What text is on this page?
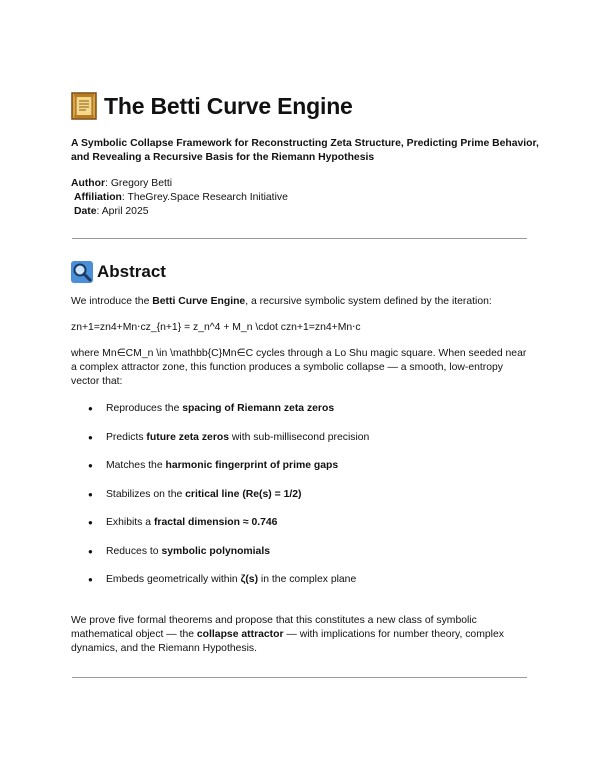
The Betti Curve Engine
A Symbolic Collapse Framework for Reconstructing Zeta Structure, Predicting Prime Behavior, and Revealing a Recursive Basis for the Riemann Hypothesis
Author: Gregory Betti
Affiliation: TheGrey.Space Research Initiative
Date: April 2025
Abstract
We introduce the Betti Curve Engine, a recursive symbolic system defined by the iteration:
zn+1=zn4+Mn⋅cz_{n+1} = z_n^4 + M_n \cdot czn+1​=zn4​+Mn​⋅c
where Mn∈CM_n \in \mathbb{C}Mn​∈C cycles through a Lo Shu magic square. When seeded near a complex attractor zone, this function produces a symbolic collapse — a smooth, low-entropy vector that:
● Reproduces the spacing of Riemann zeta zeros
● Predicts future zeta zeros with sub-millisecond precision
● Matches the harmonic fingerprint of prime gaps
● Stabilizes on the critical line (Re(s) = 1/2)
● Exhibits a fractal dimension ≈ 0.746
● Reduces to symbolic polynomials
● Embeds geometrically within ζ(s) in the complex plane
We prove five formal theorems and propose that this constitutes a new class of symbolic mathematical object — the collapse attractor — with implications for number theory, complex dynamics, and the Riemann Hypothesis.
